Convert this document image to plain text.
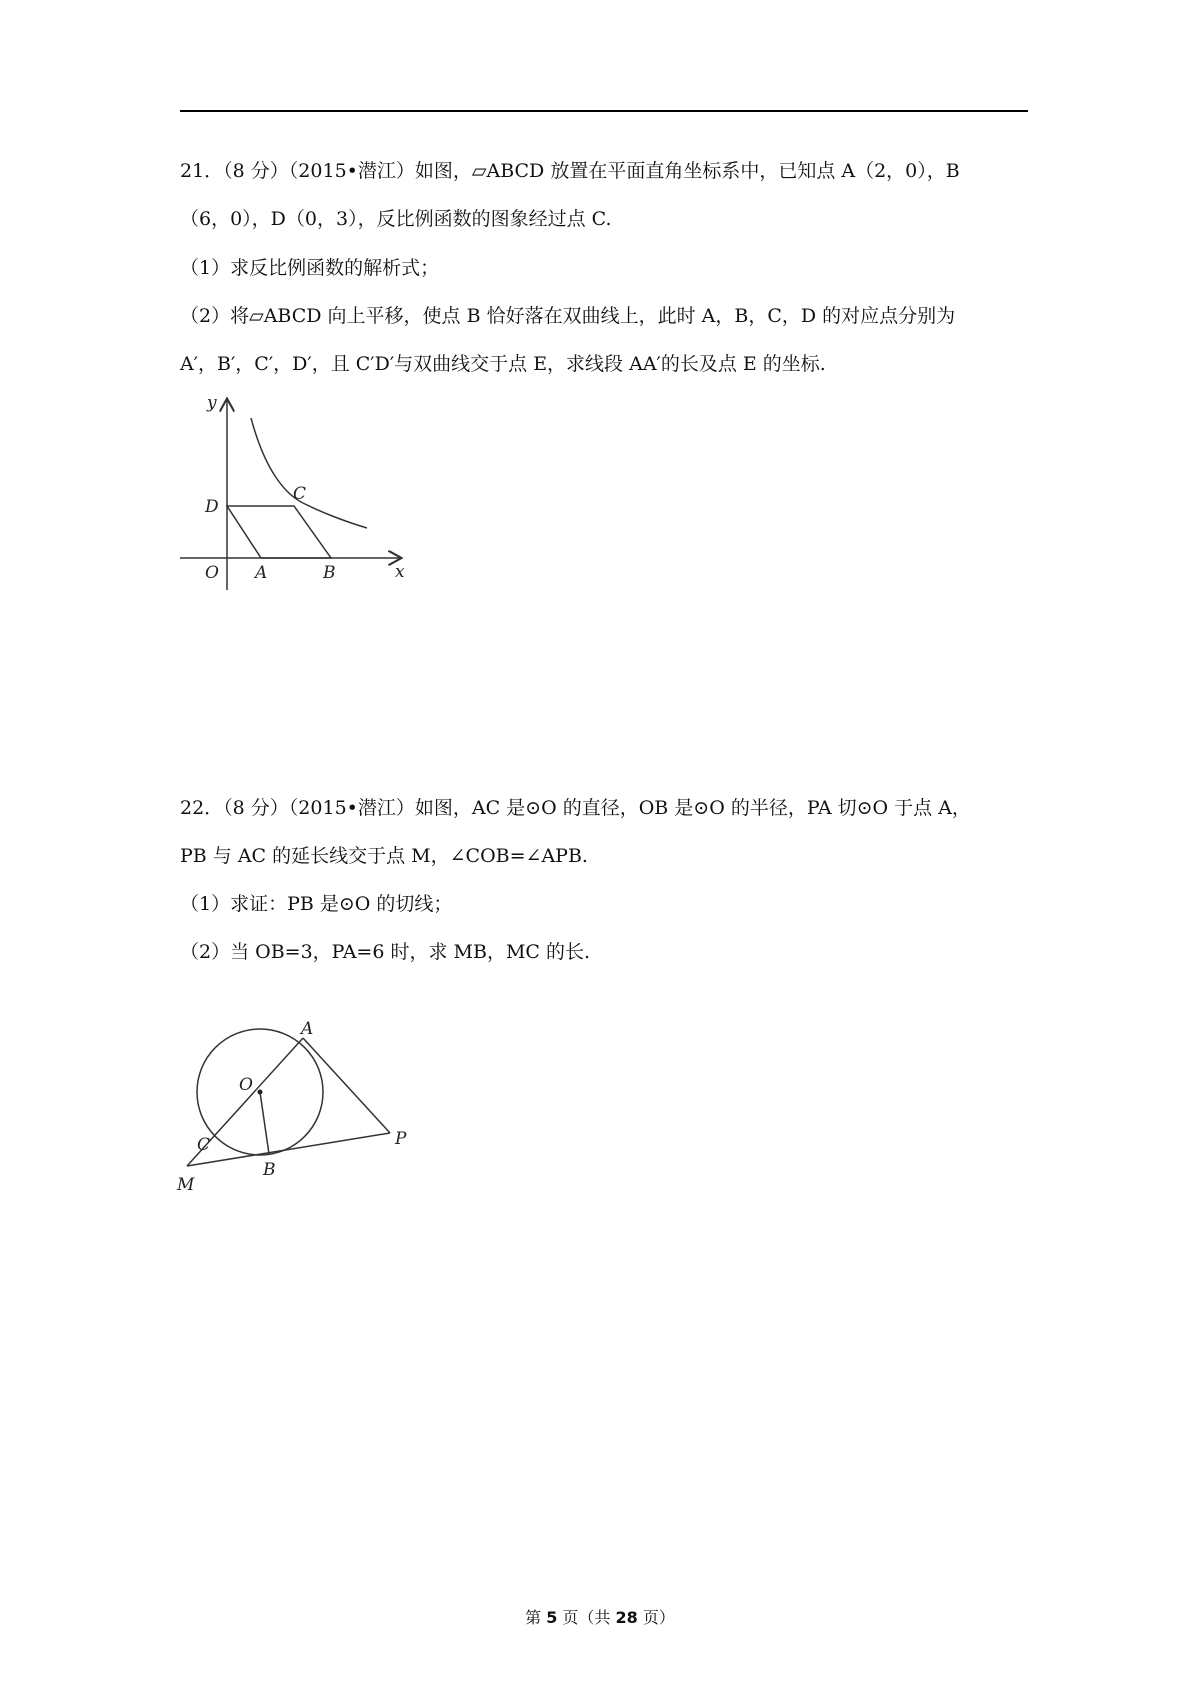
21．（8 分）（2015•潜江）如图，▱ABCD 放置在平面直角坐标系中，已知点 A（2，0），B
（6，0），D（0，3），反比例函数的图象经过点 C.
（1）求反比例函数的解析式；
（2）将▱ABCD 向上平移，使点 B 恰好落在双曲线上，此时 A，B，C，D 的对应点分别为
A′，B′，C′，D′，且 C′D′与双曲线交于点 E，求线段 AA′的长及点 E 的坐标.
y
x
O A	B
C
D
22．（8 分）（2015•潜江）如图，AC 是⊙O 的直径，OB 是⊙O 的半径，PA 切⊙O 于点 A，
PB 与 AC 的延长线交于点 M，∠COB=∠APB.
（1）求证：PB 是⊙O 的切线；
（2）当 OB=3，PA=6 时，求 MB，MC 的长.
A
O
C
B
P
M
第 5 页（共 28 页）
